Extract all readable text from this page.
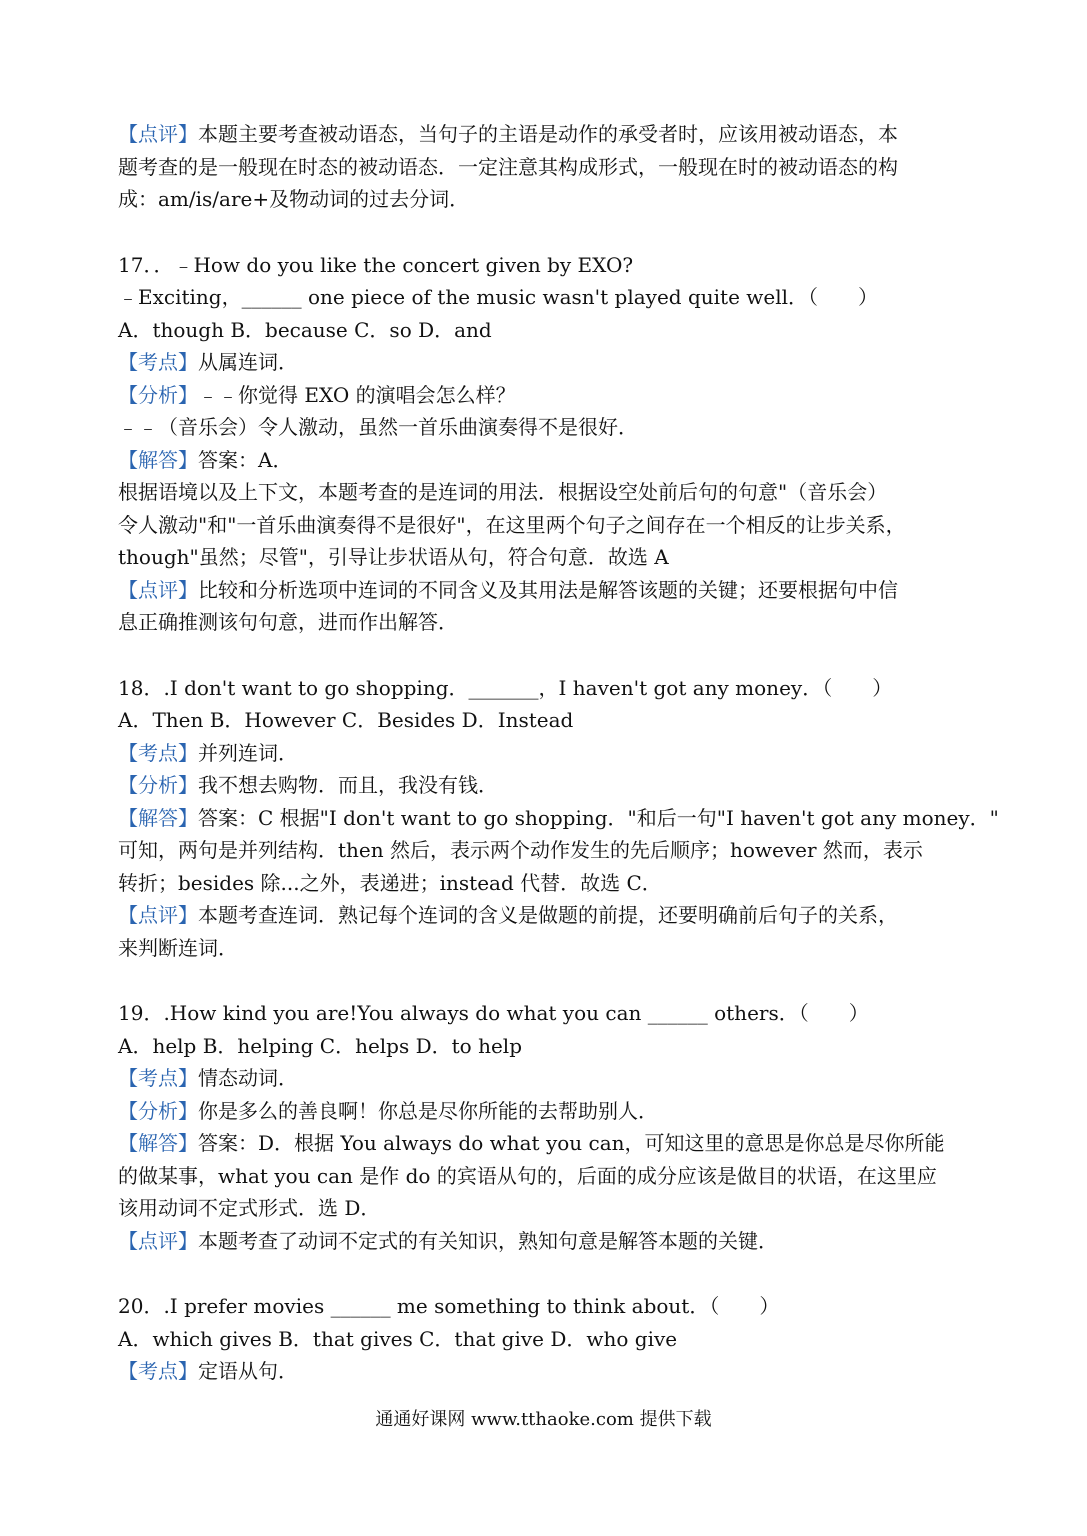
【点评】本题主要考查被动语态，当句子的主语是动作的承受者时，应该用被动语态，本
题考查的是一般现在时态的被动语态．一定注意其构成形式，一般现在时的被动语态的构
成：am/is/are+及物动词的过去分词．
17．．﹣How do you like the concert given by EXO?
﹣Exciting，______ one piece of the music wasn't played quite well．（　　）
A．though B．because C．so D．and
【考点】从属连词．
【分析】﹣﹣你觉得 EXO 的演唱会怎么样？
﹣﹣（音乐会）令人激动，虽然一首乐曲演奏得不是很好．
【解答】答案：A．
根据语境以及上下文，本题考查的是连词的用法．根据设空处前后句的句意"（音乐会）
令人激动"和"一首乐曲演奏得不是很好"，在这里两个句子之间存在一个相反的让步关系，
though"虽然；尽管"，引导让步状语从句，符合句意．故选 A
【点评】比较和分析选项中连词的不同含义及其用法是解答该题的关键；还要根据句中信
息正确推测该句句意，进而作出解答．
18．.I don't want to go shopping．_______，I haven't got any money．（　　）
A．Then B．However C．Besides D．Instead
【考点】并列连词．
【分析】我不想去购物．而且，我没有钱．
【解答】答案：C 根据"I don't want to go shopping．"和后一句"I haven't got any money．"
可知，两句是并列结构．then 然后，表示两个动作发生的先后顺序；however 然而，表示
转折；besides 除...之外，表递进；instead 代替．故选 C．
【点评】本题考查连词．熟记每个连词的含义是做题的前提，还要明确前后句子的关系，
来判断连词．
19．.How kind you are!You always do what you can ______ others．（　　）
A．help B．helping C．helps D．to help
【考点】情态动词．
【分析】你是多么的善良啊！你总是尽你所能的去帮助别人．
【解答】答案：D．根据 You always do what you can，可知这里的意思是你总是尽你所能
的做某事，what you can 是作 do 的宾语从句的，后面的成分应该是做目的状语，在这里应
该用动词不定式形式．选 D．
【点评】本题考查了动词不定式的有关知识，熟知句意是解答本题的关键．
20．.I prefer movies ______ me something to think about．（　　）
A．which gives B．that gives C．that give D．who give
【考点】定语从句．
通通好课网 www.tthaoke.com 提供下载
